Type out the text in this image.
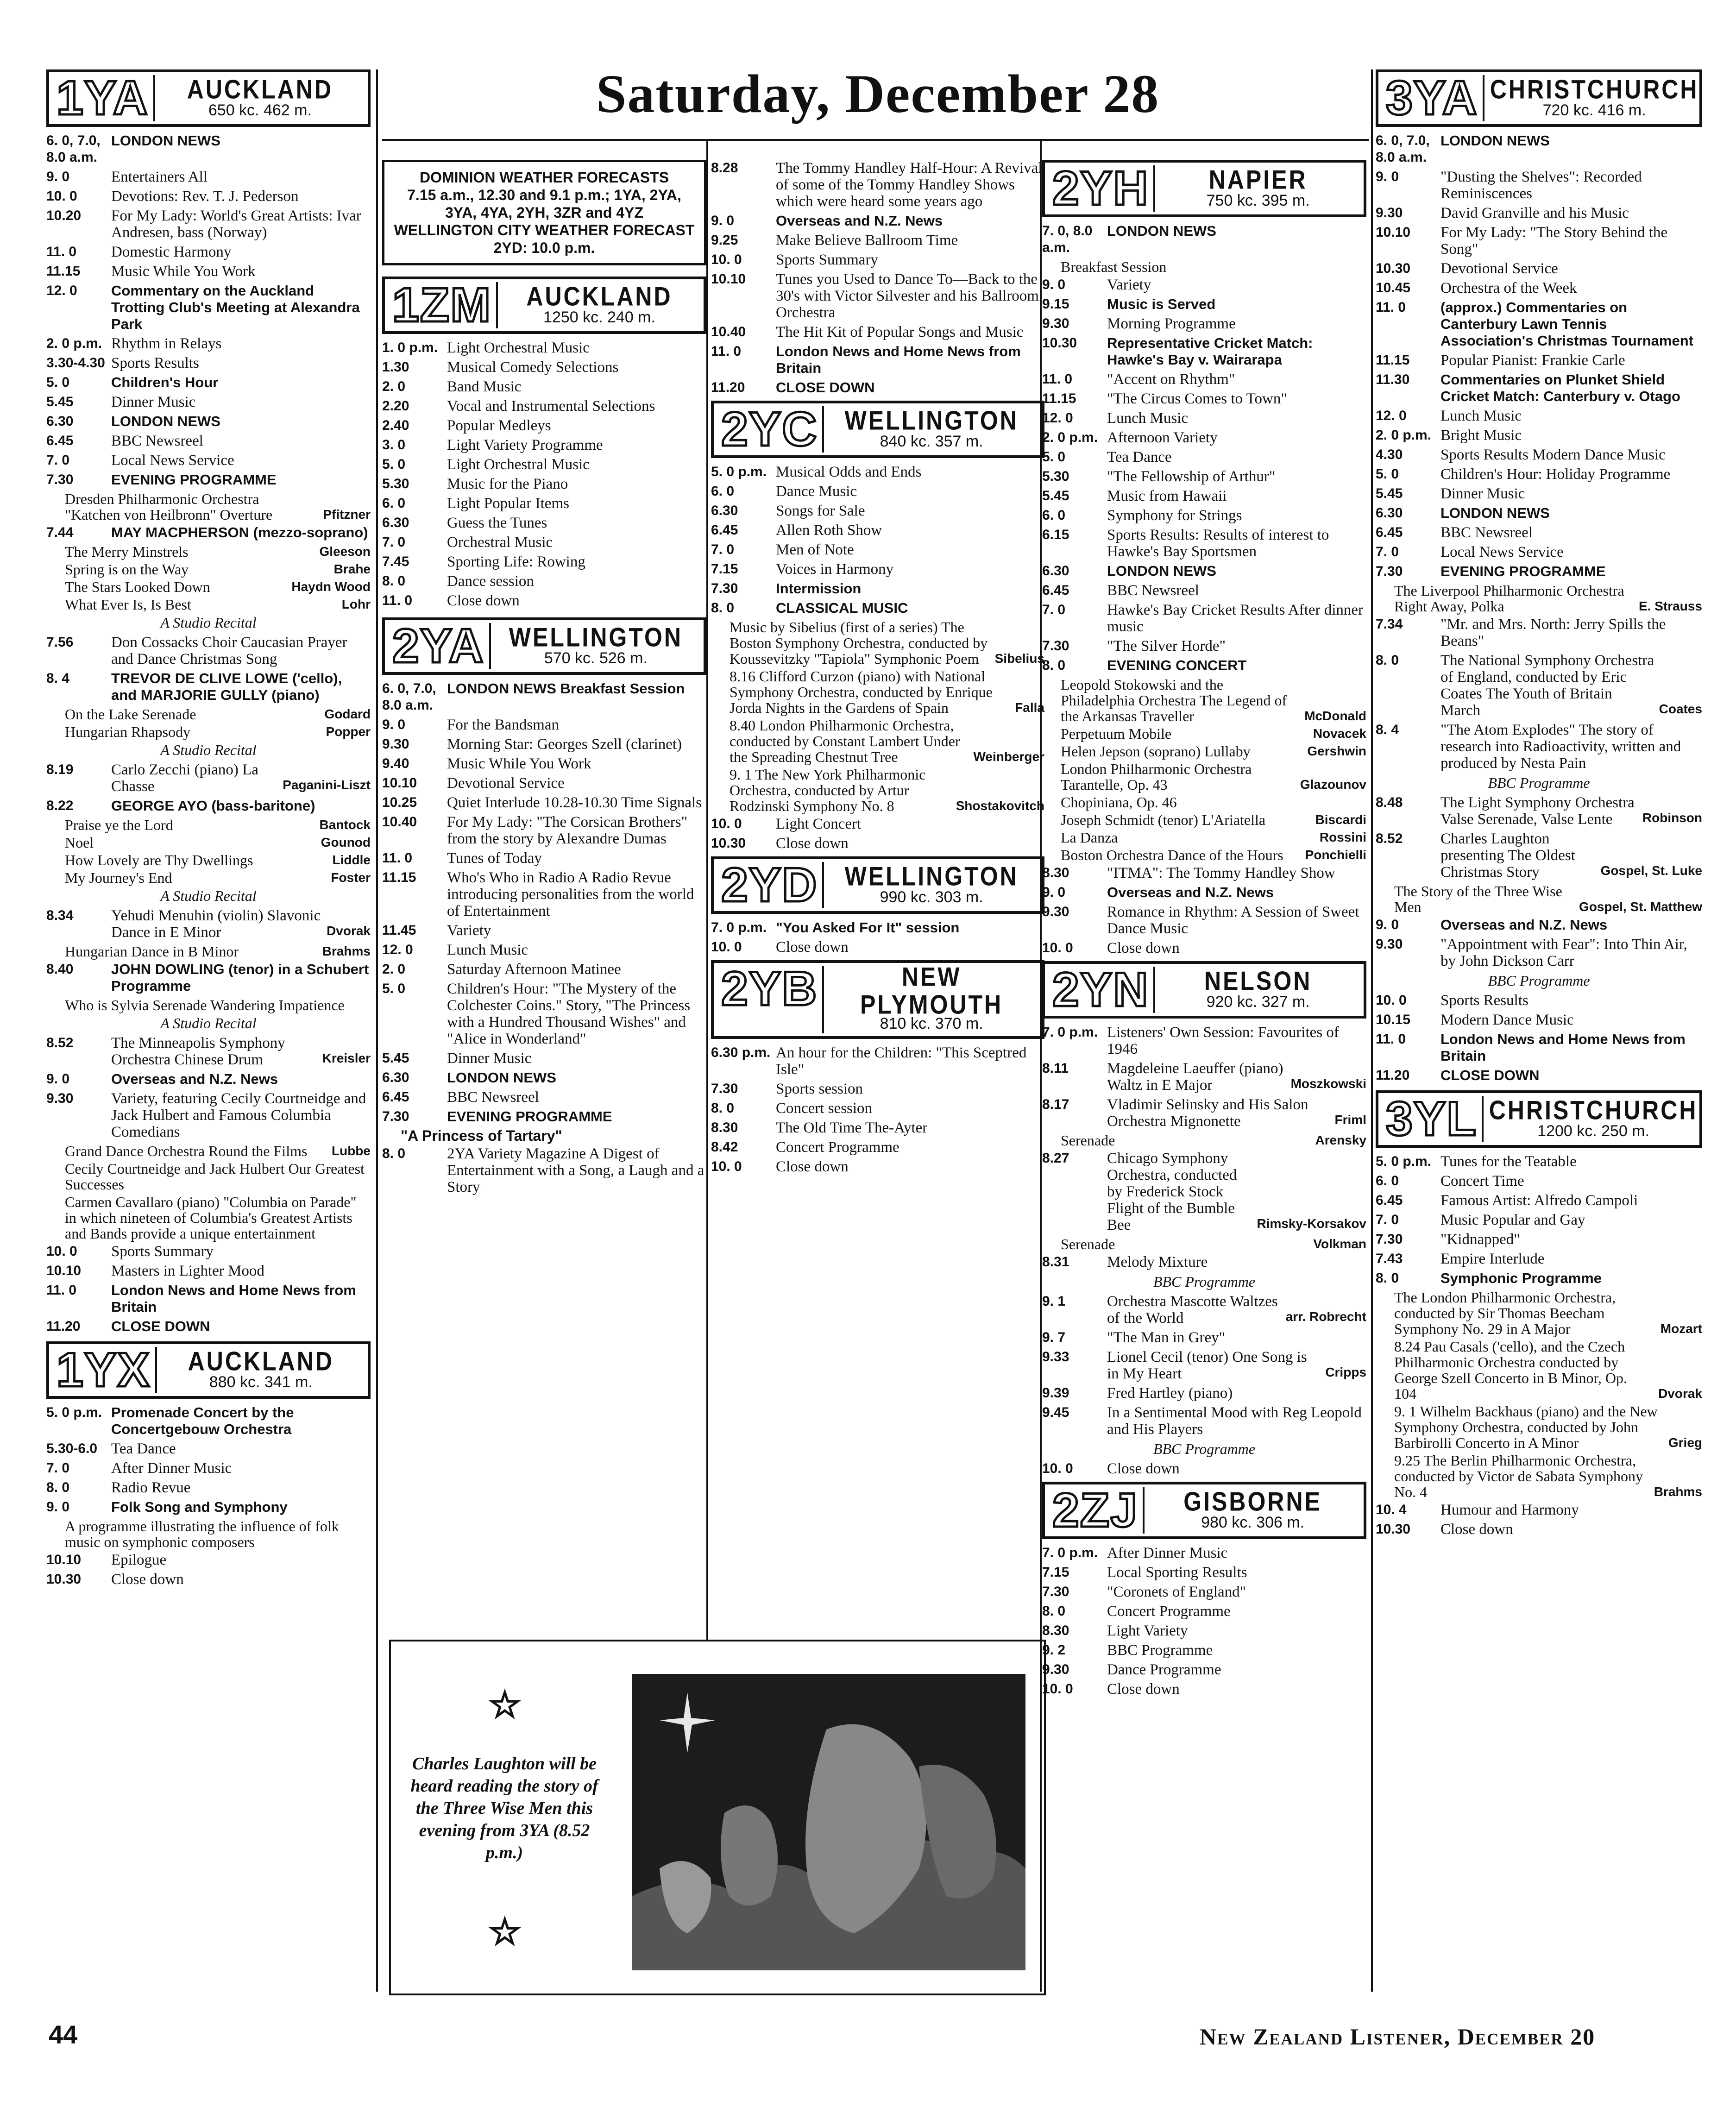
Saturday, December 28
1YA	AUCKLAND
650 kc. 462 m.
6. 0, 7.0, 8.0 a.m.
LONDON NEWS
9. 0	Entertainers All
10. 0	Devotions: Rev. T. J. Pederson
10.20	For My Lady: World's Great Artists: Ivar Andresen, bass (Norway)
11. 0	Domestic Harmony
11.15	Music While You Work
12. 0	Commentary on the Auckland Trotting Club's Meeting at Alexandra Park
2. 0 p.m. Rhythm in Relays
3.30-4.30 Sports Results
5. 0	Children's Hour
5.45	Dinner Music
6.30	LONDON NEWS
6.45	BBC Newsreel
7. 0	Local News Service
7.30	EVENING PROGRAMME
Dresden Philharmonic Orchestra "Katchen von Heilbronn" Overture	Pfitzner
7.44	MAY MACPHERSON (mezzo-soprano)
The Merry Minstrels	Gleeson
Spring is on the Way	Brahe
The Stars Looked Down	Haydn Wood
What Ever Is, Is Best	Lohr
A Studio Recital
7.56	Don Cossacks Choir Caucasian Prayer and Dance Christmas Song
8. 4	TREVOR DE CLIVE LOWE ('cello), and MARJORIE GULLY (piano)
On the Lake Serenade	Godard
Hungarian Rhapsody	Popper
A Studio Recital
8.19	Carlo Zecchi (piano) La Chasse	Paganini-Liszt
8.22	GEORGE AYO (bass-baritone)
Praise ye the Lord	Bantock
Noel	Gounod
How Lovely are Thy Dwellings	Liddle
My Journey's End	Foster
A Studio Recital
8.34	Yehudi Menuhin (violin) Slavonic Dance in E Minor	Dvorak
Hungarian Dance in B Minor	Brahms
8.40	JOHN DOWLING (tenor) in a Schubert Programme
Who is Sylvia Serenade Wandering Impatience
A Studio Recital
8.52	The Minneapolis Symphony Orchestra Chinese Drum	Kreisler
9. 0	Overseas and N.Z. News
9.30	Variety, featuring Cecily Courtneidge and Jack Hulbert and Famous Columbia Comedians
Grand Dance Orchestra Round the Films Lubbe
Cecily Courtneidge and Jack Hulbert Our Greatest Successes
Carmen Cavallaro (piano) "Columbia on Parade" in which nineteen of Columbia's Greatest Artists and Bands provide a unique entertainment
10. 0	Sports Summary
10.10	Masters in Lighter Mood
11. 0	London News and Home News from Britain
11.20	CLOSE DOWN
1YX	AUCKLAND
880 kc. 341 m.
5. 0 p.m. Promenade Concert by the Concertgebouw Orchestra
5.30-6.0 Tea Dance
7. 0	After Dinner Music
8. 0	Radio Revue
9. 0	Folk Song and Symphony
A programme illustrating the influence of folk music on symphonic composers
10.10	Epilogue
10.30	Close down
DOMINION WEATHER FORECASTS
7.15 a.m., 12.30 and 9.1 p.m.; 1YA, 2YA, 3YA, 4YA, 2YH, 3ZR and 4YZ
WELLINGTON CITY WEATHER FORECAST
2YD: 10.0 p.m.
1ZM	AUCKLAND
1250 kc. 240 m.
1. 0 p.m. Light Orchestral Music
1.30	Musical Comedy Selections
2. 0	Band Music
2.20	Vocal and Instrumental Selections
2.40	Popular Medleys
3. 0	Light Variety Programme
5. 0	Light Orchestral Music
5.30	Music for the Piano
6. 0	Light Popular Items
6.30	Guess the Tunes
7. 0	Orchestral Music
7.45	Sporting Life: Rowing
8. 0	Dance session
11. 0	Close down
2YA	WELLINGTON
570 kc. 526 m.
6. 0, 7.0, 8.0 a.m.
LONDON NEWS Breakfast Session
9. 0	For the Bandsman
9.30	Morning Star: Georges Szell (clarinet)
9.40	Music While You Work
10.10	Devotional Service
10.25	Quiet Interlude 10.28-10.30 Time Signals
10.40	For My Lady: "The Corsican Brothers" from the story by Alexandre Dumas
11. 0	Tunes of Today
11.15	Who's Who in Radio A Radio Revue introducing personalities from the world of Entertainment
11.45	Variety
12. 0	Lunch Music
2. 0	Saturday Afternoon Matinee
5. 0	Children's Hour: "The Mystery of the Colchester Coins." Story, "The Princess with a Hundred Thousand Wishes" and "Alice in Wonderland"
5.45	Dinner Music
6.30	LONDON NEWS
6.45	BBC Newsreel
7.30	EVENING PROGRAMME
"A Princess of Tartary"
8. 0	2YA Variety Magazine A Digest of Entertainment with a Song, a Laugh and a Story
8.28	The Tommy Handley Half-Hour: A Revival of some of the Tommy Handley Shows which were heard some years ago
9. 0	Overseas and N.Z. News
9.25	Make Believe Ballroom Time
10. 0	Sports Summary
10.10	Tunes you Used to Dance To—Back to the 30's with Victor Silvester and his Ballroom Orchestra
10.40	The Hit Kit of Popular Songs and Music
11. 0	London News and Home News from Britain
11.20	CLOSE DOWN
2YC	WELLINGTON
840 kc. 357 m.
5. 0 p.m. Musical Odds and Ends
6. 0	Dance Music
6.30	Songs for Sale
6.45	Allen Roth Show
7. 0	Men of Note
7.15	Voices in Harmony
7.30	Intermission
8. 0	CLASSICAL MUSIC
Music by Sibelius (first of a series) The Boston Symphony Orchestra, conducted by Koussevitzky "Tapiola" Symphonic Poem	Sibelius
8.16 Clifford Curzon (piano) with National Symphony Orchestra, conducted by Enrique Jorda Nights in the Gardens of Spain	Falla
8.40 London Philharmonic Orchestra, conducted by Constant Lambert Under the Spreading Chestnut Tree	Weinberger
9. 1 The New York Philharmonic Orchestra, conducted by Artur Rodzinski Symphony No. 8	Shostakovitch
10. 0	Light Concert
10.30	Close down
2YD	WELLINGTON
990 kc. 303 m.
7. 0 p.m. "You Asked For It" session
10. 0	Close down
2YB	NEW PLYMOUTH
810 kc. 370 m.
6.30 p.m. An hour for the Children: "This Sceptred Isle"
7.30	Sports session
8. 0	Concert session
8.30	The Old Time The-Ayter
8.42	Concert Programme
10. 0	Close down
2YH	NAPIER
750 kc. 395 m.
7. 0, 8.0 a.m.
LONDON NEWS
Breakfast Session
9. 0	Variety
9.15	Music is Served
9.30	Morning Programme
10.30	Representative Cricket Match: Hawke's Bay v. Wairarapa
11. 0	"Accent on Rhythm"
11.15	"The Circus Comes to Town"
12. 0	Lunch Music
2. 0 p.m. Afternoon Variety
5. 0	Tea Dance
5.30	"The Fellowship of Arthur"
5.45	Music from Hawaii
6. 0	Symphony for Strings
6.15	Sports Results: Results of interest to Hawke's Bay Sportsmen
6.30	LONDON NEWS
6.45	BBC Newsreel
7. 0	Hawke's Bay Cricket Results After dinner music
7.30	"The Silver Horde"
8. 0	EVENING CONCERT
Leopold Stokowski and the Philadelphia Orchestra The Legend of the Arkansas Traveller	McDonald
Perpetuum Mobile	Novacek
Helen Jepson (soprano) Lullaby	Gershwin
London Philharmonic Orchestra Tarantelle, Op. 43	Glazounov
Chopiniana, Op. 46
Joseph Schmidt (tenor) L'Ariatella	Biscardi
La Danza	Rossini
Boston Orchestra Dance of the Hours Ponchielli
8.30	"ITMA": The Tommy Handley Show
9. 0	Overseas and N.Z. News
9.30	Romance in Rhythm: A Session of Sweet Dance Music
10. 0	Close down
2YN	NELSON
920 kc. 327 m.
7. 0 p.m. Listeners' Own Session: Favourites of 1946
8.11	Magdeleine Laeuffer (piano) Waltz in E Major	Moszkowski
8.17	Vladimir Selinsky and His Salon Orchestra Mignonette	Friml
Serenade	Arensky
8.27	Chicago Symphony Orchestra, conducted by Frederick Stock Flight of the Bumble Bee	Rimsky-Korsakov
Serenade	Volkman
8.31	Melody Mixture
BBC Programme
9. 1	Orchestra Mascotte Waltzes of the World	arr. Robrecht
9. 7	"The Man in Grey"
9.33	Lionel Cecil (tenor) One Song is in My Heart	Cripps
9.39	Fred Hartley (piano)
9.45	In a Sentimental Mood with Reg Leopold and His Players
BBC Programme
10. 0	Close down
2ZJ	GISBORNE
980 kc. 306 m.
7. 0 p.m. After Dinner Music
7.15	Local Sporting Results
7.30	"Coronets of England"
8. 0	Concert Programme
8.30	Light Variety
9. 2	BBC Programme
9.30	Dance Programme
10. 0	Close down
3YA CHRISTCHURCH
720 kc. 416 m.
6. 0, 7.0, 8.0 a.m.
LONDON NEWS
9. 0	"Dusting the Shelves": Recorded Reminiscences
9.30	David Granville and his Music
10.10	For My Lady: "The Story Behind the Song"
10.30	Devotional Service
10.45	Orchestra of the Week
11. 0	(approx.) Commentaries on Canterbury Lawn Tennis Association's Christmas Tournament
11.15	Popular Pianist: Frankie Carle
11.30	Commentaries on Plunket Shield Cricket Match: Canterbury v. Otago
12. 0	Lunch Music
2. 0 p.m. Bright Music
4.30	Sports Results Modern Dance Music
5. 0	Children's Hour: Holiday Programme
5.45	Dinner Music
6.30	LONDON NEWS
6.45	BBC Newsreel
7. 0	Local News Service
7.30	EVENING PROGRAMME
The Liverpool Philharmonic Orchestra Right Away, Polka	E. Strauss
7.34	"Mr. and Mrs. North: Jerry Spills the Beans"
8. 0	The National Symphony Orchestra of England, conducted by Eric Coates The Youth of Britain March	Coates
8. 4	"The Atom Explodes" The story of research into Radioactivity, written and produced by Nesta Pain
BBC Programme
8.48	The Light Symphony Orchestra Valse Serenade, Valse Lente	Robinson
8.52	Charles Laughton presenting The Oldest Christmas Story	Gospel, St. Luke
The Story of the Three Wise Men	Gospel, St. Matthew
9. 0	Overseas and N.Z. News
9.30	"Appointment with Fear": Into Thin Air, by John Dickson Carr
BBC Programme
10. 0	Sports Results
10.15	Modern Dance Music
11. 0	London News and Home News from Britain
11.20	CLOSE DOWN
3YL CHRISTCHURCH
1200 kc. 250 m.
5. 0 p.m. Tunes for the Teatable
6. 0	Concert Time
6.45	Famous Artist: Alfredo Campoli
7. 0	Music Popular and Gay
7.30	"Kidnapped"
7.43	Empire Interlude
8. 0	Symphonic Programme
The London Philharmonic Orchestra, conducted by Sir Thomas Beecham Symphony No. 29 in A Major	Mozart
8.24 Pau Casals ('cello), and the Czech Philharmonic Orchestra conducted by George Szell Concerto in B Minor, Op. 104	Dvorak
9. 1 Wilhelm Backhaus (piano) and the New Symphony Orchestra, conducted by John Barbirolli Concerto in A Minor	Grieg
9.25 The Berlin Philharmonic Orchestra, conducted by Victor de Sabata Symphony No. 4	Brahms
10. 4	Humour and Harmony
10.30	Close down
☆
Charles Laughton will be heard reading the story of the Three Wise Men this evening from 3YA (8.52 p.m.)
☆
44	New Zealand Listener, December 20
